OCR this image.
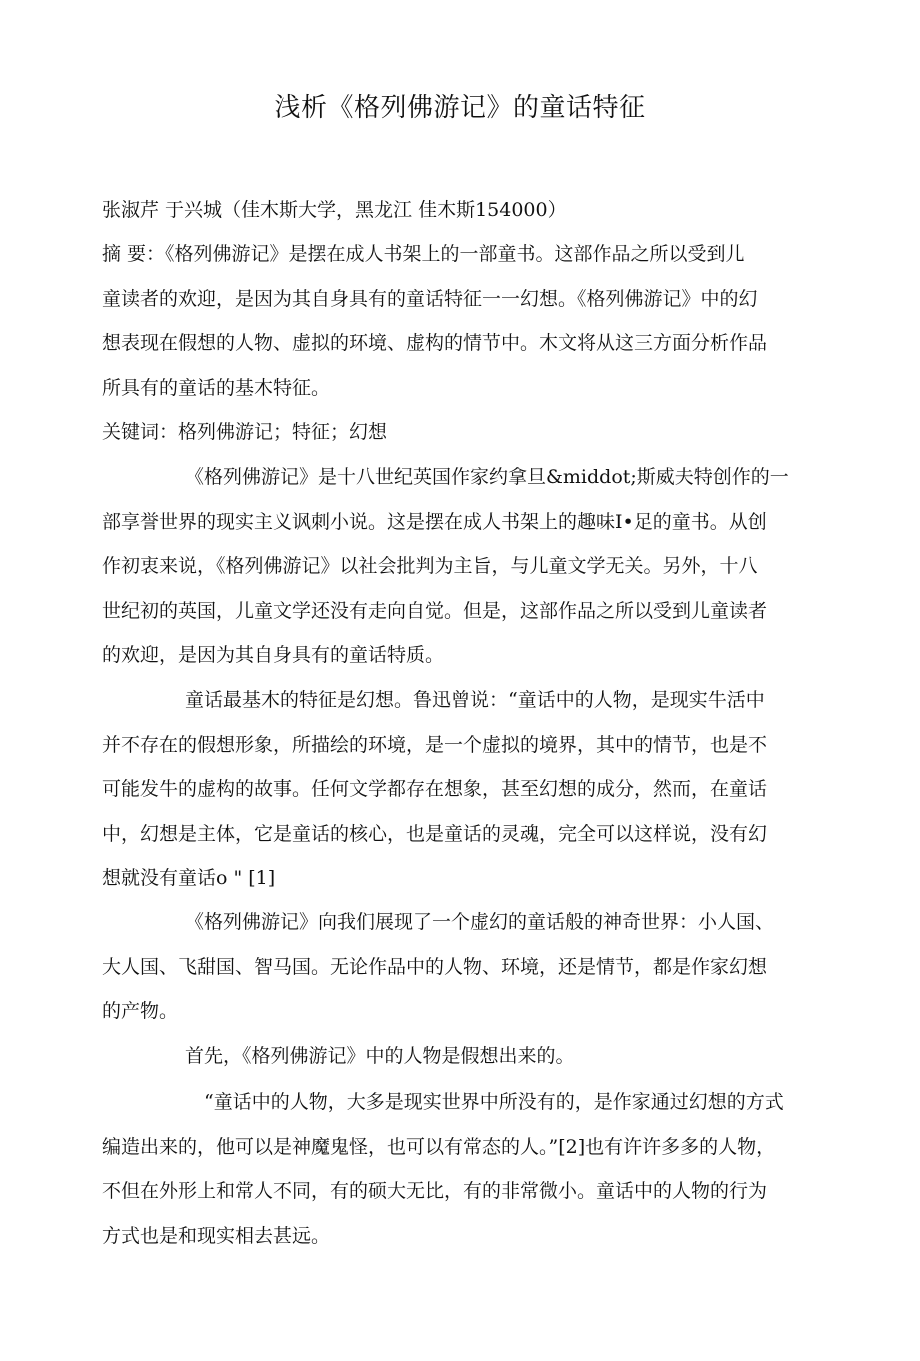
浅析《格列佛游记》的童话特征
张淑芹 于兴城（佳木斯大学，黑龙江 佳木斯154000）
摘 要：《格列佛游记》是摆在成人书架上的一部童书。这部作品之所以受到儿
童读者的欢迎，是因为其自身具有的童话特征一一幻想。《格列佛游记》中的幻
想表现在假想的人物、虚拟的环境、虚构的情节中。木文将从这三方面分析作品
所具有的童话的基木特征。
关键词：格列佛游记；特征；幻想
《格列佛游记》是十八世纪英国作家约拿旦&middot;斯威夫特创作的一
部享誉世界的现实主义讽刺小说。这是摆在成人书架上的趣味I•足的童书。从创
作初衷来说，《格列佛游记》以社会批判为主旨，与儿童文学无关。另外，十八
世纪初的英国，儿童文学还没有走向自觉。但是，这部作品之所以受到儿童读者
的欢迎，是因为其自身具有的童话特质。
童话最基木的特征是幻想。鲁迅曾说：“童话中的人物，是现实牛活中
并不存在的假想形象，所描绘的环境，是一个虚拟的境界，其中的情节，也是不
可能发牛的虚构的故事。任何文学都存在想象，甚至幻想的成分，然而，在童话
中，幻想是主体，它是童话的核心，也是童话的灵魂，完全可以这样说，没有幻
想就没有童话o " [1]
《格列佛游记》向我们展现了一个虚幻的童话般的神奇世界：小人国、
大人国、飞甜国、智马国。无论作品中的人物、环境，还是情节，都是作家幻想
的产物。
首先，《格列佛游记》中的人物是假想出来的。
“童话中的人物，大多是现实世界中所没有的，是作家通过幻想的方式
编造出来的，他可以是神魔鬼怪，也可以有常态的人。”[2]也有许许多多的人物，
不但在外形上和常人不同，有的硕大无比，有的非常微小。童话中的人物的行为
方式也是和现实相去甚远。
